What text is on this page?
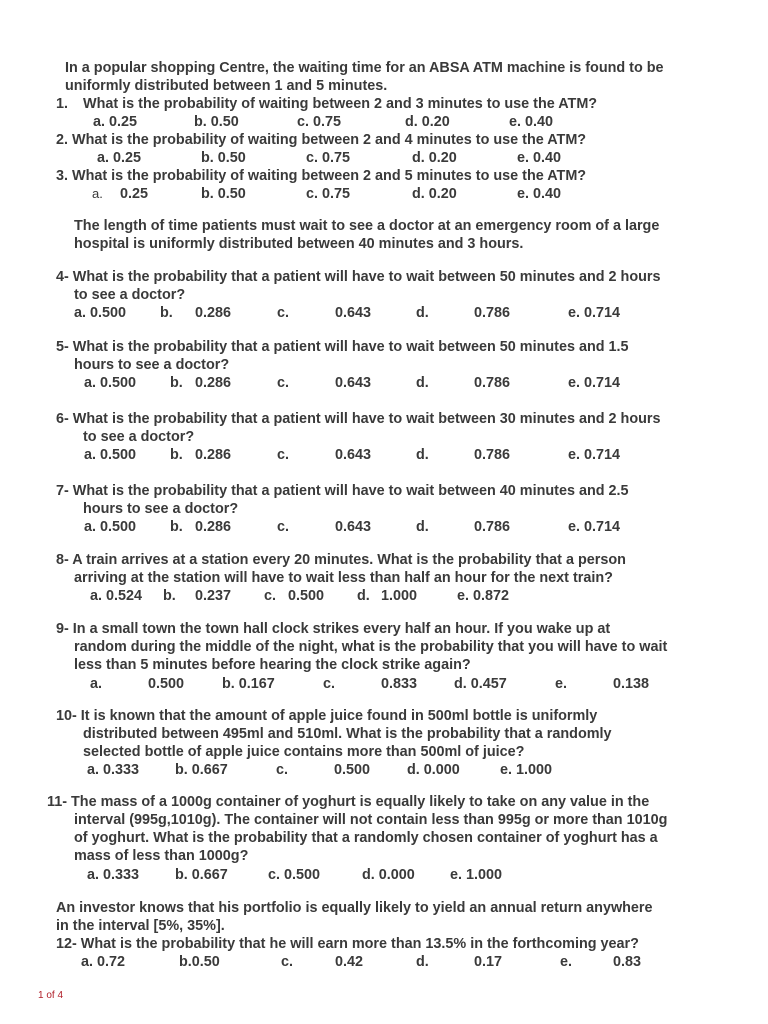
In a popular shopping Centre, the waiting time for an ABSA ATM machine is found to be
uniformly distributed between 1 and 5 minutes.
1. What is the probability of waiting between 2 and 3 minutes to use the ATM?
a. 0.25	b. 0.50	c. 0.75	d. 0.20	e. 0.40
2. What is the probability of waiting between 2 and 4 minutes to use the ATM?
a. 0.25	b. 0.50	c. 0.75	d. 0.20	e. 0.40
3. What is the probability of waiting between 2 and 5 minutes to use the ATM?
a. 0.25	b. 0.50	c. 0.75	d. 0.20	e. 0.40
The length of time patients must wait to see a doctor at an emergency room of a large
hospital is uniformly distributed between 40 minutes and 3 hours.
4- What is the probability that a patient will have to wait between 50 minutes and 2 hours
to see a doctor?
a. 0.500 b. 0.286	c.	0.643	d.	0.786	e. 0.714
5- What is the probability that a patient will have to wait between 50 minutes and 1.5
hours to see a doctor?
a. 0.500 b. 0.286	c.	0.643	d.	0.786	e. 0.714
6- What is the probability that a patient will have to wait between 30 minutes and 2 hours
to see a doctor?
a. 0.500 b. 0.286	c.	0.643	d.	0.786	e. 0.714
7- What is the probability that a patient will have to wait between 40 minutes and 2.5
hours to see a doctor?
a. 0.500 b. 0.286	c.	0.643	d.	0.786	e. 0.714
8- A train arrives at a station every 20 minutes. What is the probability that a person
arriving at the station will have to wait less than half an hour for the next train?
a. 0.524 b. 0.237 c. 0.500 d. 1.000	e. 0.872
9- In a small town the town hall clock strikes every half an hour. If you wake up at
random during the middle of the night, what is the probability that you will have to wait
less than 5 minutes before hearing the clock strike again?
a.	0.500	b. 0.167	c.	0.833	d. 0.457	e.	0.138
10- It is known that the amount of apple juice found in 500ml bottle is uniformly
distributed between 495ml and 510ml. What is the probability that a randomly
selected bottle of apple juice contains more than 500ml of juice?
a. 0.333 b. 0.667	c.	0.500	d. 0.000	e. 1.000
11- The mass of a 1000g container of yoghurt is equally likely to take on any value in the
interval (995g,1010g). The container will not contain less than 995g or more than 1010g
of yoghurt. What is the probability that a randomly chosen container of yoghurt has a
mass of less than 1000g?
a. 0.333 b. 0.667	c. 0.500	d. 0.000 e. 1.000
An investor knows that his portfolio is equally likely to yield an annual return anywhere
in the interval [5%, 35%].
12- What is the probability that he will earn more than 13.5% in the forthcoming year?
a. 0.72	b.0.50	c.	0.42	d.	0.17	e.	0.83
1 of 4
